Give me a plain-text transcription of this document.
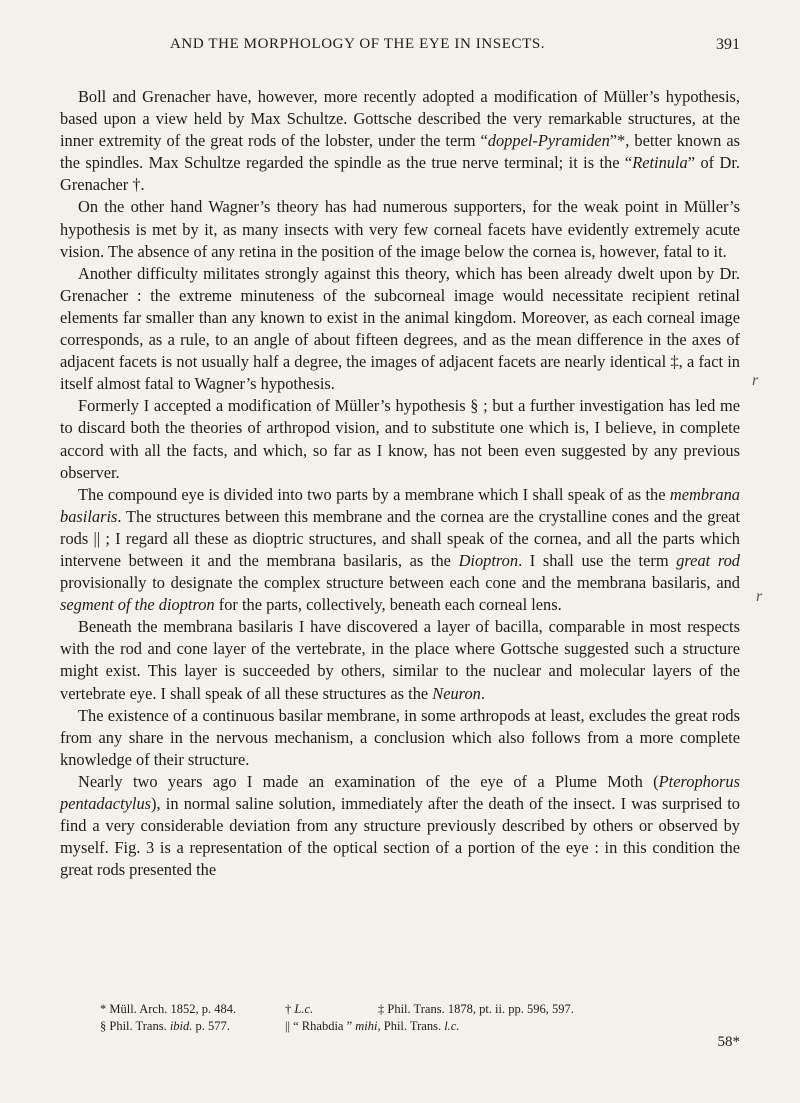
AND THE MORPHOLOGY OF THE EYE IN INSECTS.	391

Boll and Grenacher have, however, more recently adopted a modification of Müller’s hypothesis, based upon a view held by Max Schultze. Gottsche described the very remarkable structures, at the inner extremity of the great rods of the lobster, under the term “doppel-Pyramiden”*, better known as the spindles. Max Schultze regarded the spindle as the true nerve terminal; it is the “Retinula” of Dr. Grenacher †.

On the other hand Wagner’s theory has had numerous supporters, for the weak point in Müller’s hypothesis is met by it, as many insects with very few corneal facets have evidently extremely acute vision. The absence of any retina in the position of the image below the cornea is, however, fatal to it.

Another difficulty militates strongly against this theory, which has been already dwelt upon by Dr. Grenacher : the extreme minuteness of the subcorneal image would necessitate recipient retinal elements far smaller than any known to exist in the animal kingdom. Moreover, as each corneal image corresponds, as a rule, to an angle of about fifteen degrees, and as the mean difference in the axes of adjacent facets is not usually half a degree, the images of adjacent facets are nearly identical ‡, a fact in itself almost fatal to Wagner’s hypothesis.

Formerly I accepted a modification of Müller’s hypothesis § ; but a further investigation has led me to discard both the theories of arthropod vision, and to substitute one which is, I believe, in complete accord with all the facts, and which, so far as I know, has not been even suggested by any previous observer.

The compound eye is divided into two parts by a membrane which I shall speak of as the membrana basilaris. The structures between this membrane and the cornea are the crystalline cones and the great rods || ; I regard all these as dioptric structures, and shall speak of the cornea, and all the parts which intervene between it and the membrana basilaris, as the Dioptron. I shall use the term great rod provisionally to designate the complex structure between each cone and the membrana basilaris, and segment of the dioptron for the parts, collectively, beneath each corneal lens.

Beneath the membrana basilaris I have discovered a layer of bacilla, comparable in most respects with the rod and cone layer of the vertebrate, in the place where Gottsche suggested such a structure might exist. This layer is succeeded by others, similar to the nuclear and molecular layers of the vertebrate eye. I shall speak of all these structures as the Neuron.

The existence of a continuous basilar membrane, in some arthropods at least, excludes the great rods from any share in the nervous mechanism, a conclusion which also follows from a more complete knowledge of their structure.

Nearly two years ago I made an examination of the eye of a Plume Moth (Pterophorus pentadactylus), in normal saline solution, immediately after the death of the insect. I was surprised to find a very considerable deviation from any structure previously described by others or observed by myself. Fig. 3 is a representation of the optical section of a portion of the eye : in this condition the great rods presented the

* Müll. Arch. 1852, p. 484.	† L.c.	‡ Phil. Trans. 1878, pt. ii. pp. 596, 597.
§ Phil. Trans. ibid. p. 577.	|| “ Rhabdia ” mihi, Phil. Trans. l.c.
58*
r
r
